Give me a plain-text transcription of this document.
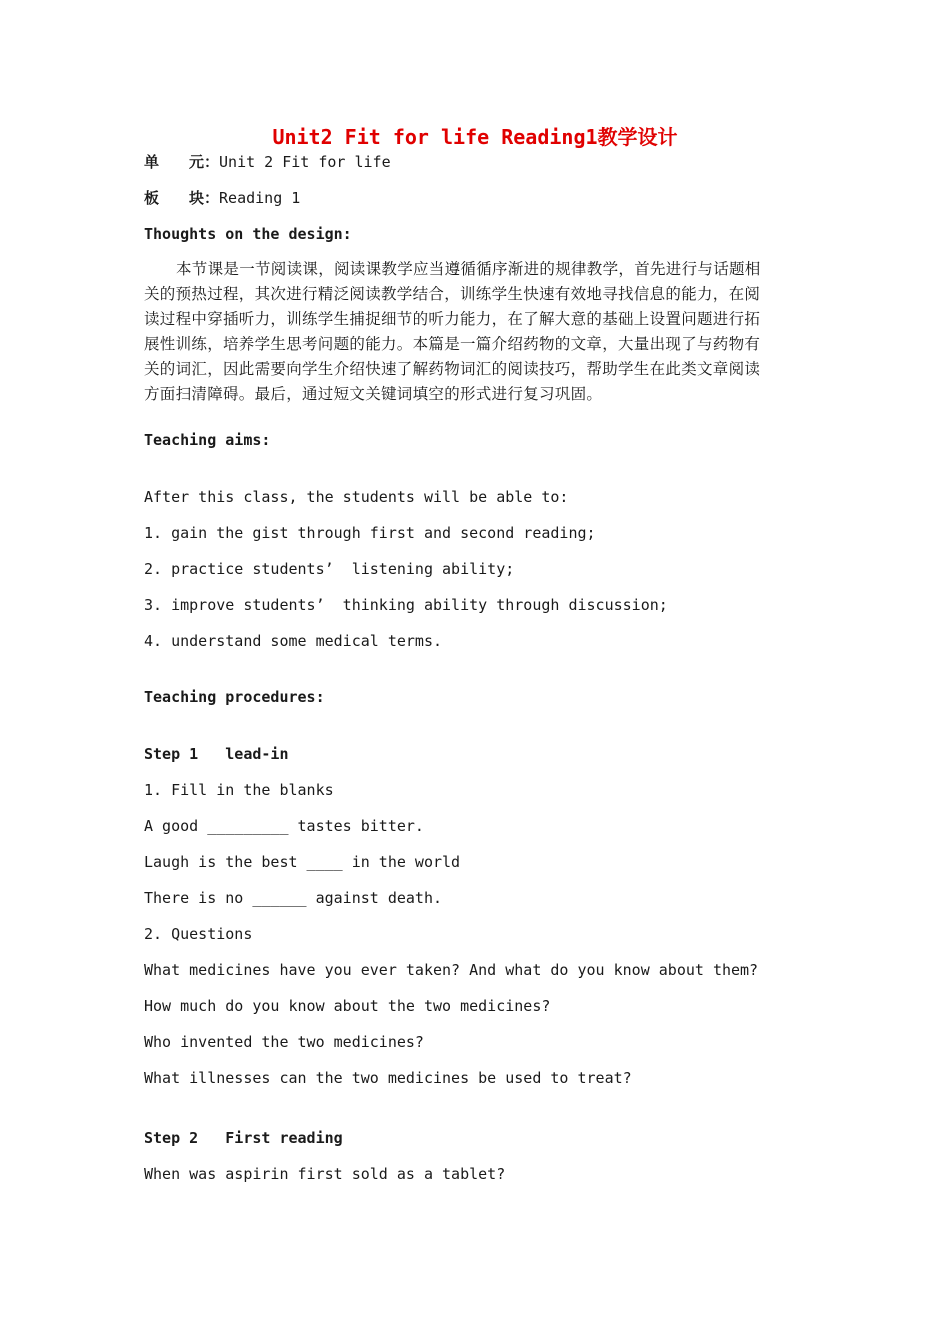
Unit2 Fit for life Reading1教学设计
单　　元：Unit 2 Fit for life
板　　块：Reading 1
Thoughts on the design:

本节课是一节阅读课，阅读课教学应当遵循循序渐进的规律教学，首先进行与话题相

关的预热过程，其次进行精泛阅读教学结合，训练学生快速有效地寻找信息的能力，在阅

读过程中穿插听力，训练学生捕捉细节的听力能力，在了解大意的基础上设置问题进行拓

展性训练，培养学生思考问题的能力。本篇是一篇介绍药物的文章，大量出现了与药物有

关的词汇，因此需要向学生介绍快速了解药物词汇的阅读技巧，帮助学生在此类文章阅读

方面扫清障碍。最后，通过短文关键词填空的形式进行复习巩固。

Teaching aims:
After this class, the students will be able to:
1. gain the gist through first and second reading;
2. practice students’  listening ability;
3. improve students’  thinking ability through discussion;
4. understand some medical terms.
Teaching procedures:
Step 1   lead-in
1. Fill in the blanks
A good _________ tastes bitter.
Laugh is the best ____ in the world
There is no ______ against death.
2. Questions
What medicines have you ever taken? And what do you know about them?
How much do you know about the two medicines?
Who invented the two medicines?
What illnesses can the two medicines be used to treat?
Step 2   First reading
When was aspirin first sold as a tablet?
